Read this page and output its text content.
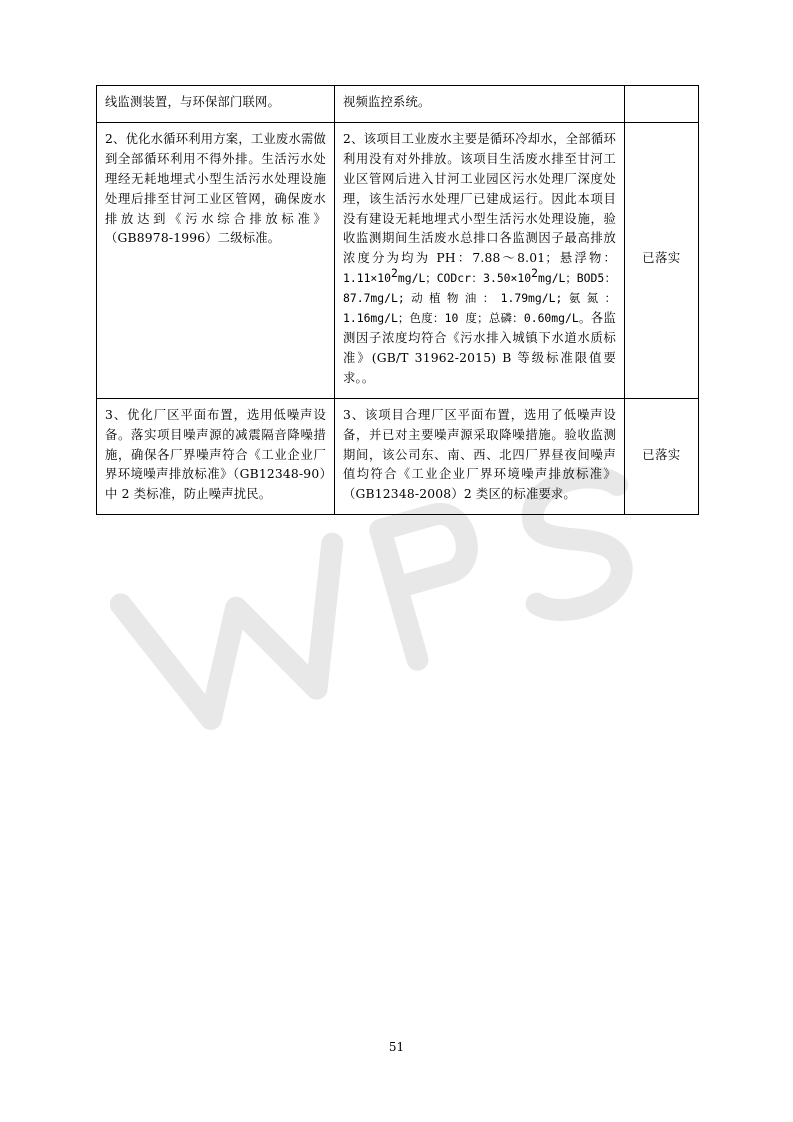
线监测装置，与环保部门联网。	视频监控系统。	

2、优化水循环利用方案，工业废水需做到全部循环利用不得外排。生活污水处理经无耗地埋式小型生活污水处理设施处理后排至甘河工业区管网，确保废水排放达到《污水综合排放标准》（GB8978-1996）二级标准。	2、该项目工业废水主要是循环冷却水，全部循环利用没有对外排放。该项目生活废水排至甘河工业区管网后进入甘河工业园区污水处理厂深度处理，该生活污水处理厂已建成运行。因此本项目没有建设无耗地埋式小型生活污水处理设施，验收监测期间生活废水总排口各监测因子最高排放浓度分为均为 PH：7.88～8.01；悬浮物：$1.11\times 10^2mg/L$；CODcr：$3.50\times 10^2mg/L$；BOD5：87.7mg/L;动植物油：1.79mg/L;氨氮：1.16mg/L；色度：10 度；总磷：0.60mg/L。各监测因子浓度均符合《污水排入城镇下水道水质标准》(GB/T 31962-2015) B 等级标准限值要求。。	已落实

3、优化厂区平面布置，选用低噪声设备。落实项目噪声源的减震隔音降噪措施，确保各厂界噪声符合《工业企业厂界环境噪声排放标准》（GB12348-90）中 2 类标准，防止噪声扰民。	3、该项目合理厂区平面布置，选用了低噪声设备，并已对主要噪声源采取降噪措施。验收监测期间，该公司东、南、西、北四厂界昼夜间噪声值均符合《工业企业厂界环境噪声排放标准》（GB12348-2008）2 类区的标准要求。	已落实
51
